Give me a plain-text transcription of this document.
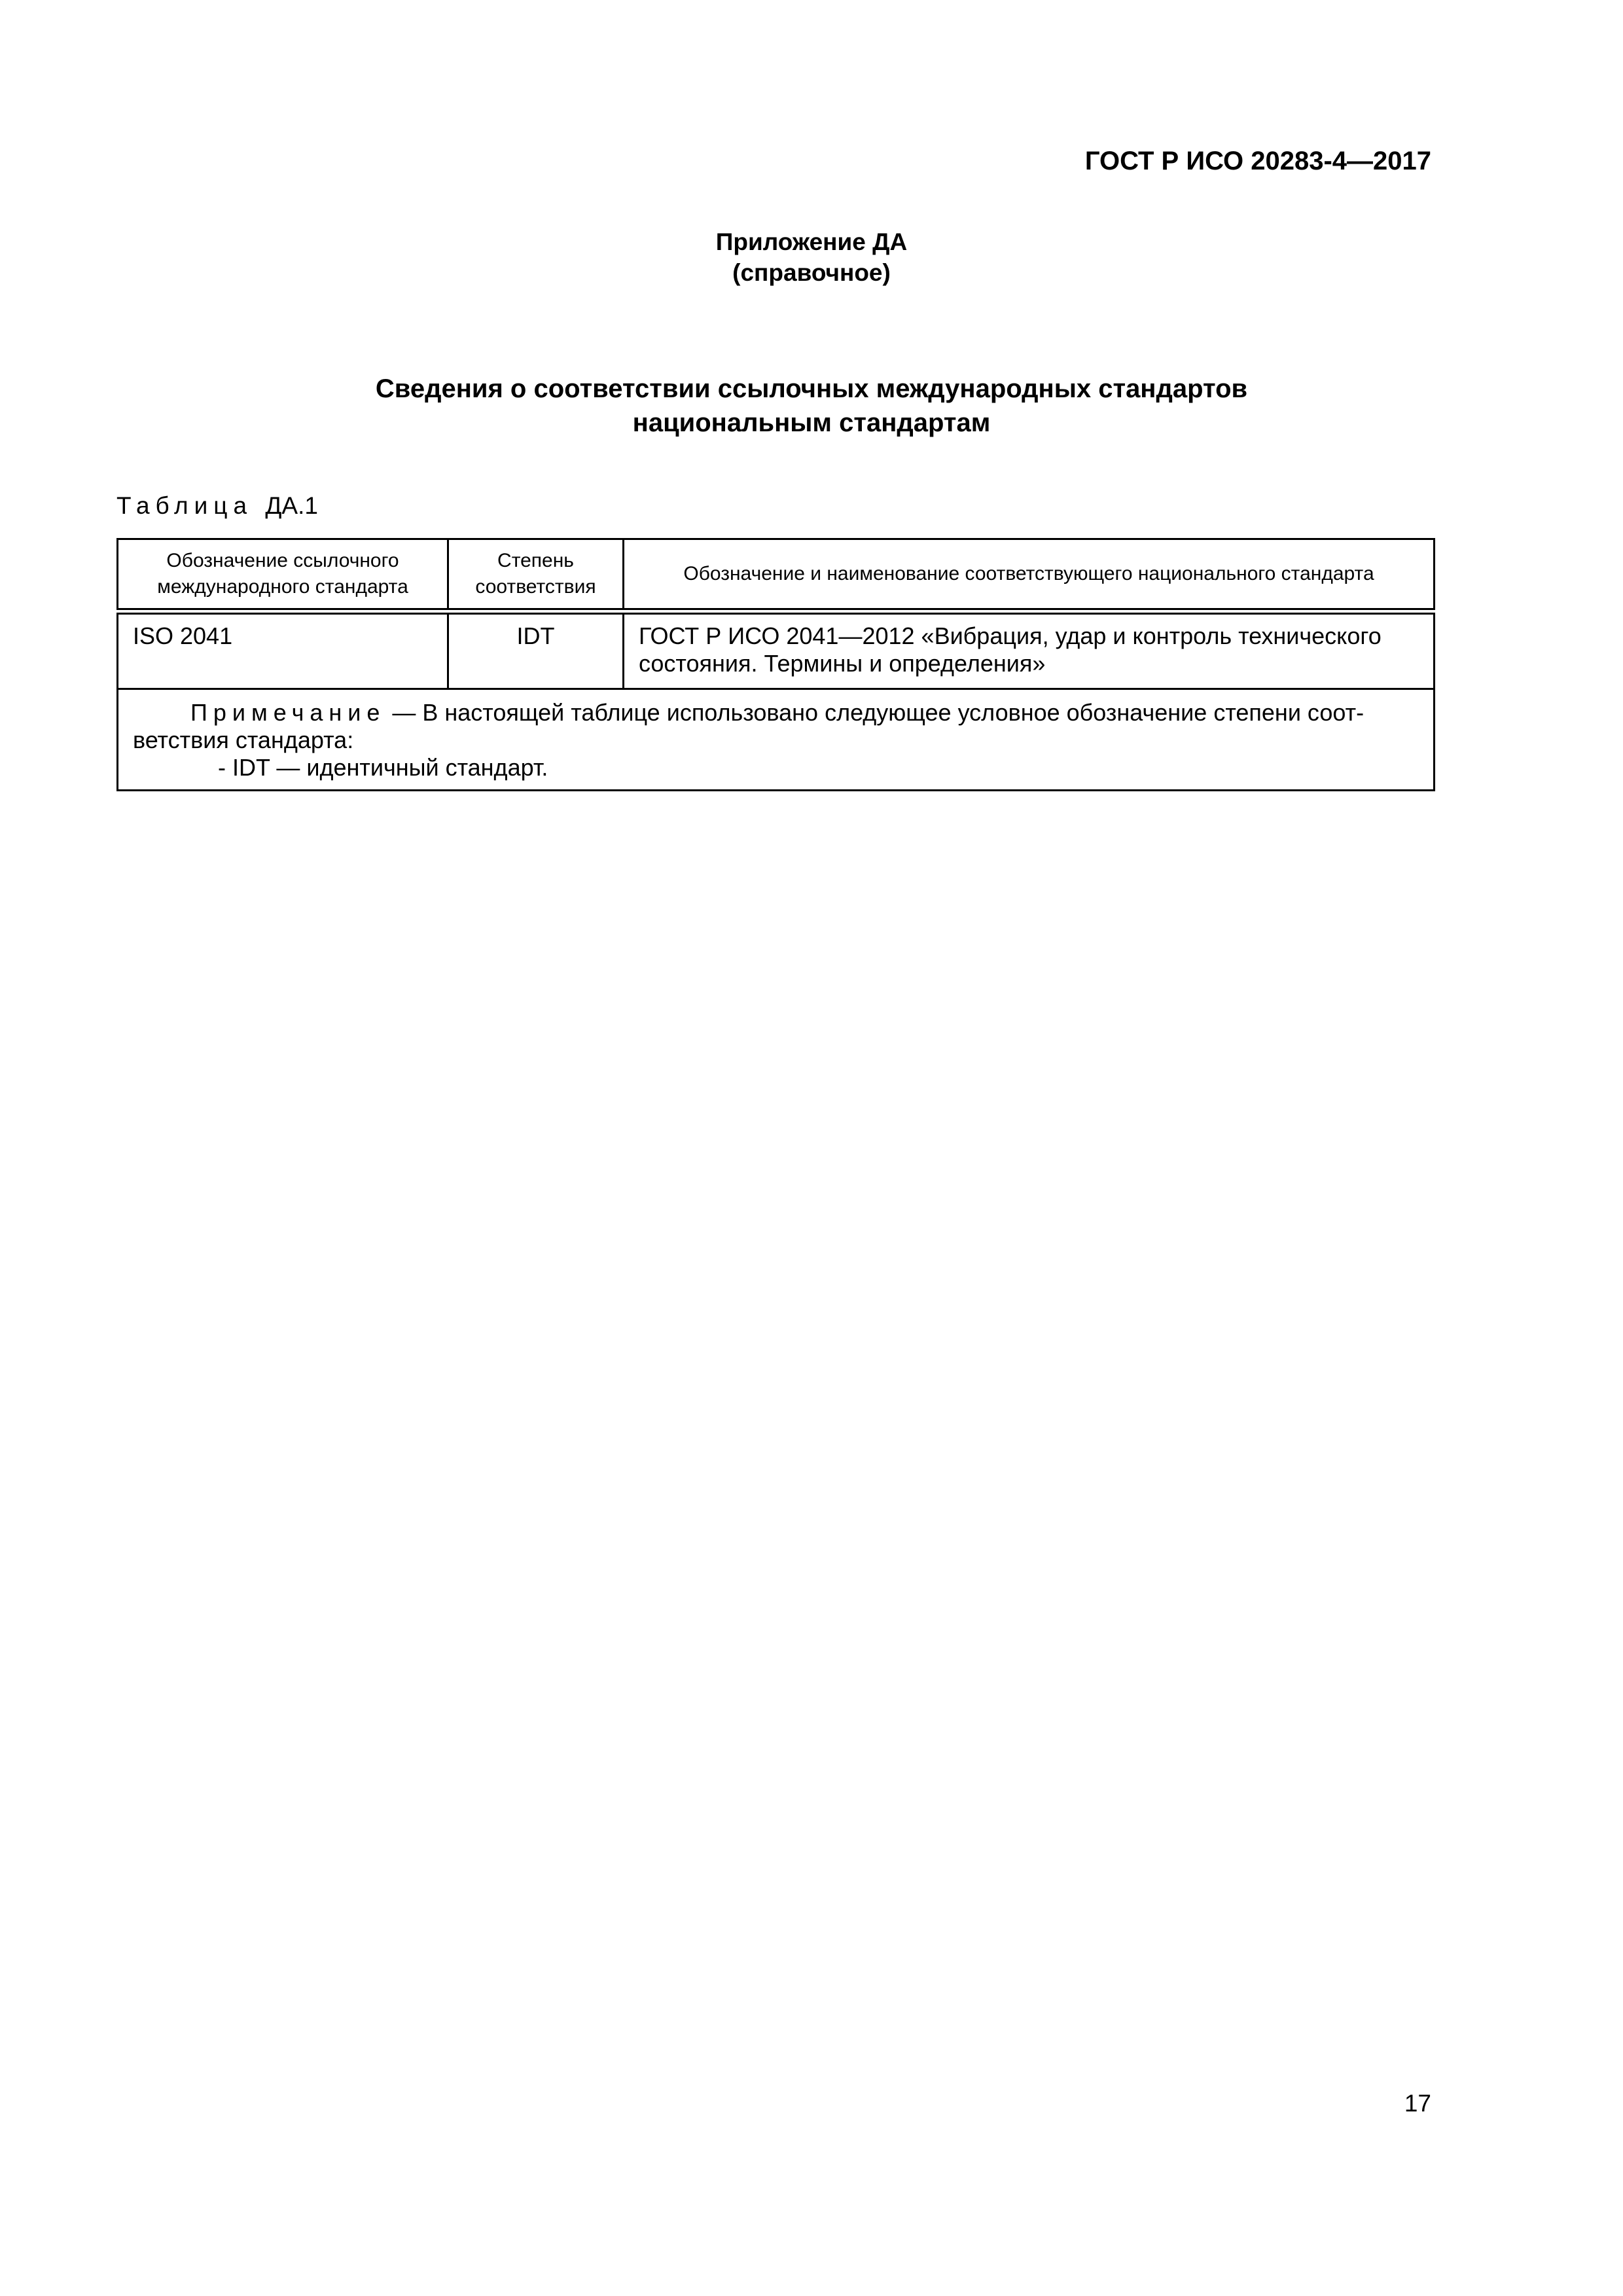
ГОСТ Р ИСО 20283-4—2017
Приложение ДА
(справочное)
Сведения о соответствии ссылочных международных стандартов
национальным стандартам
Таблица ДА.1
Обозначение ссылочного международного стандарта	Степень соответствия	Обозначение и наименование соответствующего национального стандарта
ISO 2041	IDT	ГОСТ Р ИСО 2041—2012 «Вибрация, удар и контроль технического состояния. Термины и определения»
Примечание — В настоящей таблице использовано следующее условное обозначение степени соот-
ветствия стандарта:
- IDT — идентичный стандарт.		
17
